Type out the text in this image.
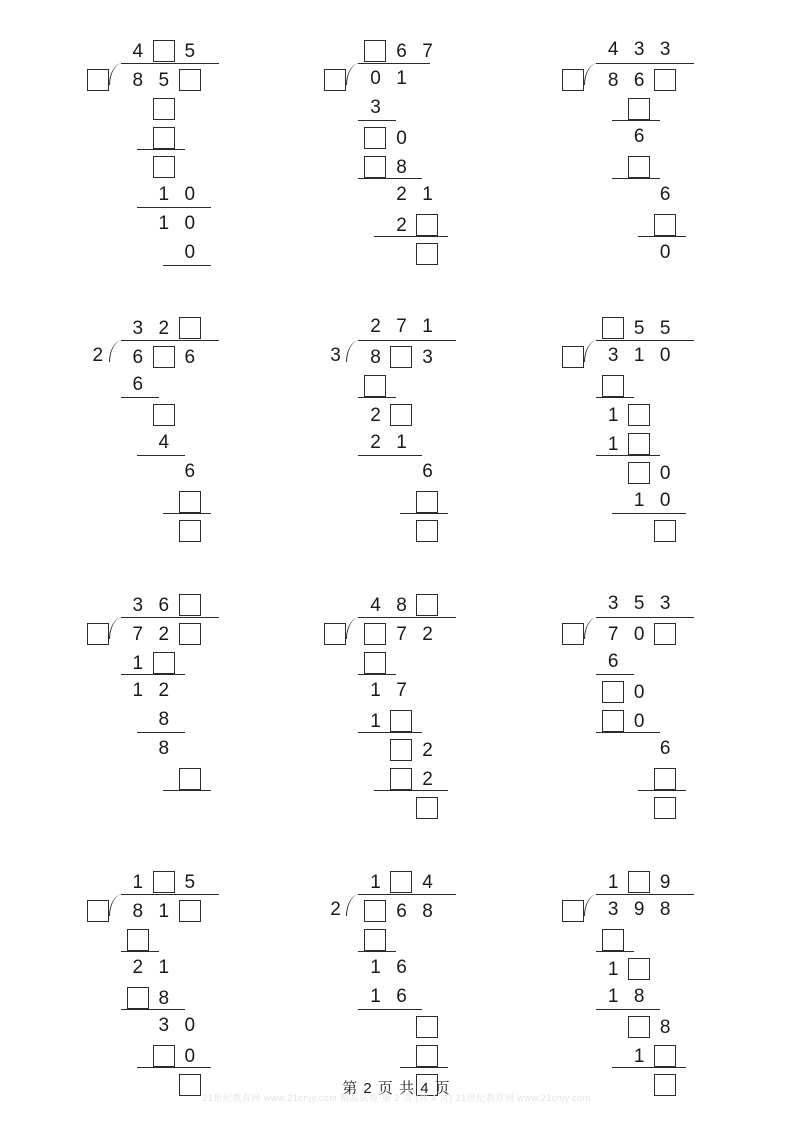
4	5
8 5
1 0
1 0
0
6 7
0 1
3
0
8
2 1
2
4 3 3
8 6
6
6
0
3 2
2	6	6
6
4
6
2 7 1
3	8	3
2
2 1
6
5 5
3 1 0
1
1
0
1 0
3 6
7 2
1
1 2
8
8
4 8
7 2
1 7
1
2
2
3 5 3
7 0
6
0
0
6
1	5
8 1
2 1
8
3 0
0
1	4
2	6 8
1 6
1 6
1	9
3 9 8
1
1 8
8
1
第 2 页 共 4 页
21世纪教育网 www.21cnjy.com 精品试卷·第 2 页 (共 4 页) 21世纪教育网 www.21cnjy.com
